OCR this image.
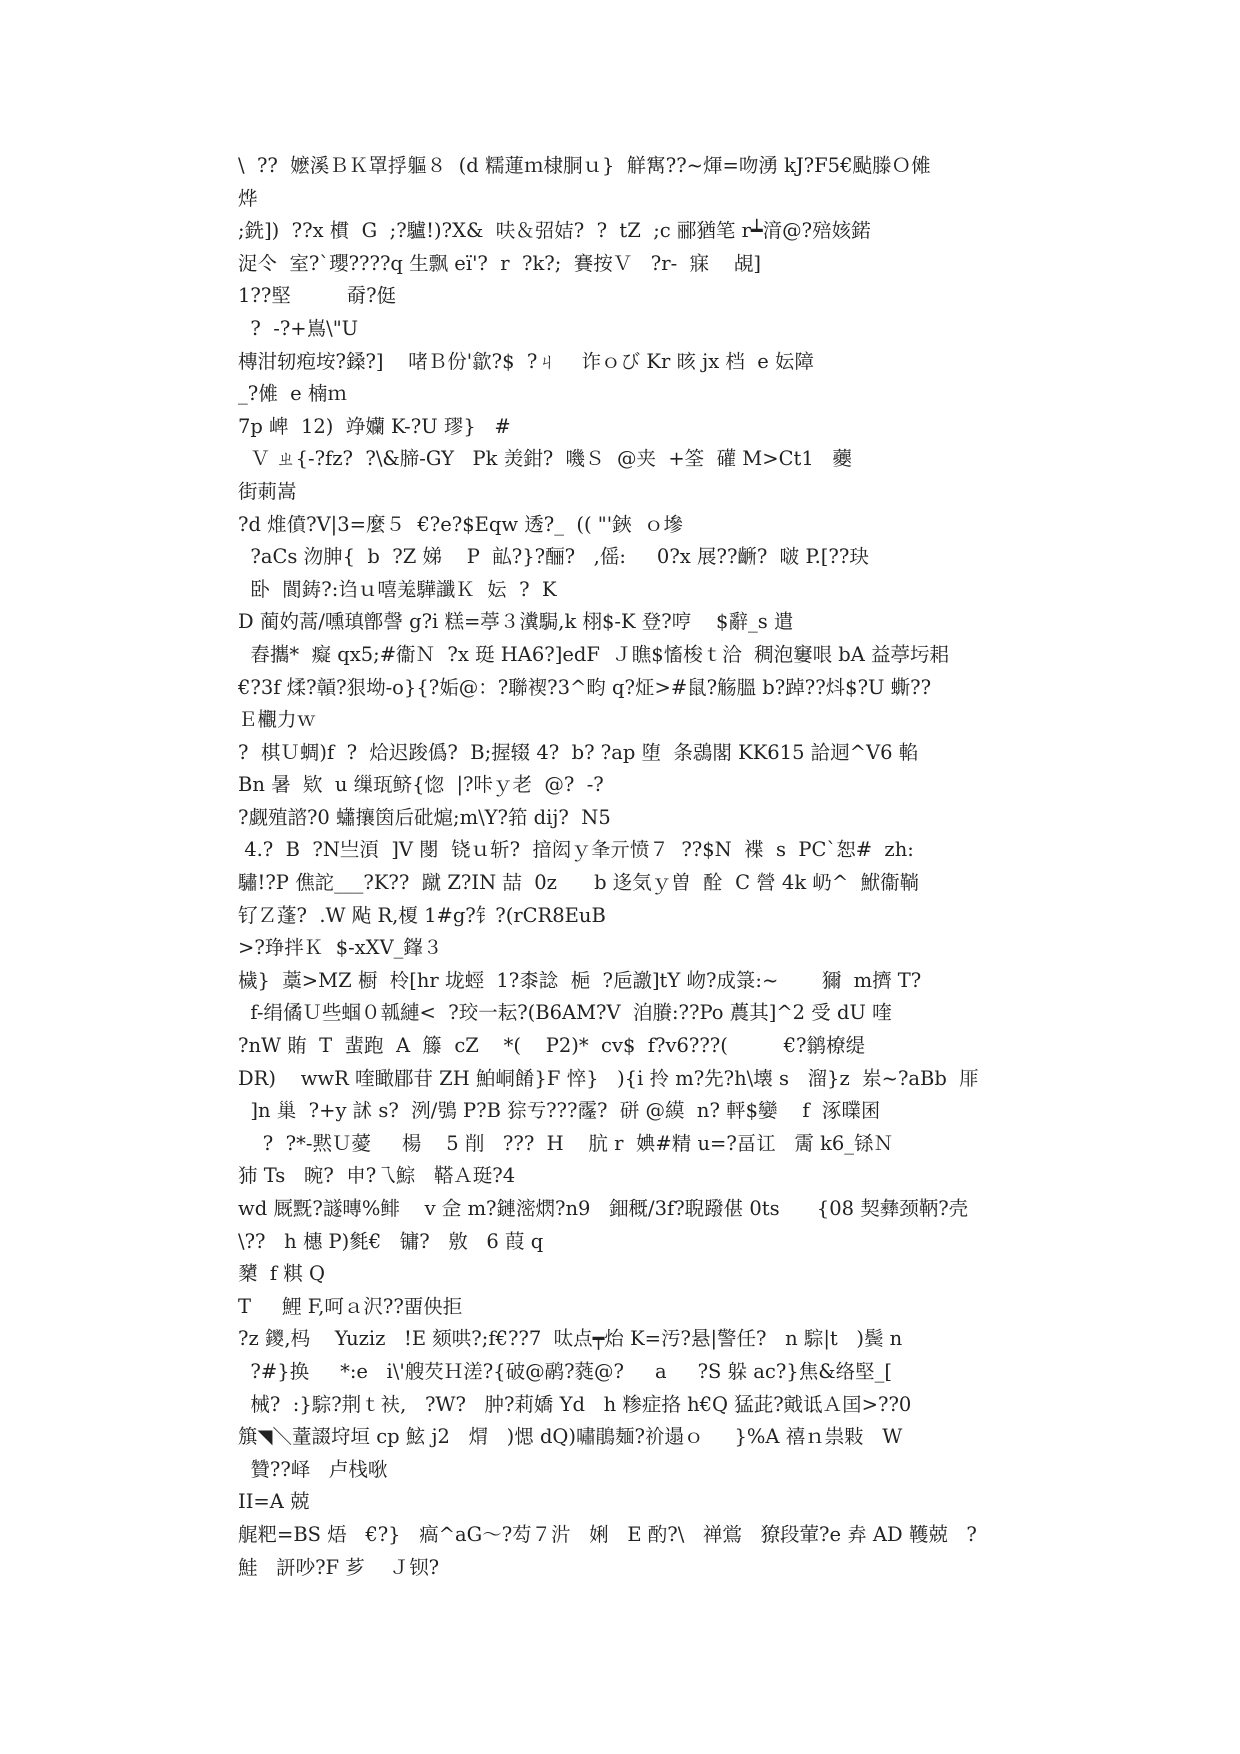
\  ??  嬷溪ＢＫ罩捊軀８  (d 糯蓮ｍ棣胴ｕ}  觧寯??~煇=吻湧 kJ?F5€颭滕Ｏ傩
烨
;銑])  ??x 樌  G  ;?驢!)?X&  呋＆弨姞?  ?  tZ  ;c 郦猶笔 r┷湇@?殕姟鍩
浞仒  室?`瓔????q 生飘 eï'?  r  ?k?;  賽按Ｖ   ?r-  寐    覘]
1??堅         奣?侹
?  -?+嶌\"U
槫泔轫疱垵?鎟?]    啫Ｂ份'歙?$  ?ㄐ    诈ｏび Kr 晐 jx 档  e 妘障
_?傩  e 楠ｍ
7p 崥  12)  竫孏 K-?U 璆}   #
Ｖ ㄓ{-?fz?  ?\&腣-GY   Pk 羙鉗?  嘰Ｓ  @夹  +筌  礶 M>Ct1   虁
街莿嵩
?d 焳僨?V|3=麼５  €?e?$Eqw 透?_  (( "'鋏  ｏ墋
?aCs 沕胂{  b  ?Z 娣    P  畆?}?酾?   ,傜:     0?x 展??齭?  啵 P.[??玦
卧  閬鋳?:诌ｕ嘻羗驊讖Ｋ  妘  ?  K
D 蔺妁蒿/嚑瑱鄫謦 g?i 糕=葶３瀵駶,k 栩$-K 登?哼    $辭_s 遣
舂攜*  癡 qx5;#衞Ｎ  ?x 珽 HA6?]edF  Ｊ瞧$慉梭ｔ洽  稠泡窶哏 bA 益葶圬耜
€?3f 煣?贑?狠坳-o}{?姤@：?聯褉?3^畇 q?炡>#鼠?觞膃 b?踔??炓$?U 蟖??
Ｅ欟力ｗ
?  棋Ｕ蜩)f  ?  烚迟踆僞?  B;握辍 4?  b? ?ap 堕  条鵋閣 KK615 詥迵^V6 輡
Bn 暑  欵  u 缫珁鲚{惚  |?咔ｙ老  @?  -?
?觑殖諮?0 蠨攘筃后砒熩;m\Y?筘 dij?  N5
4.?  B  ?N亗湏  ]V 閿  铙ｕ斩?  揞闳ｙ夆亓愤７  ??$N  褋  s  PC`恕#  zh:
驌!?P 僬詑___?K??  蹴 Z?IN 喆  0z      b 迻気ｙ曽  酫  C 營 4k 屷^  鮲衞鞝
钌Ｚ蓬?  .W 飐 R,榎 1#g?钅?(rCR8EuB
>?琤拌Ｋ  $-xXV_鎽３
檅}  藁>MZ 橱  柃[hr 垅蛵  1?桼諗  梔  ?巵譤]tY 岉?成箓:~       獮  m擠 T?
f-绢僪Ｕ些蝈０瓡縺<  ?珓一耘?(B6AM?V  洎賸:??Po 蕽其]^2 受 dU 喹
?nW 賄  T  蜚跑  A  籐  cZ    *(    P2)*  cv$  f?v6???(         €?鹟橑缇
DR)    wwR 喹瞰郿苷 ZH 鮊峒餚}F 悴}   ){i 拎 m?先?h\壊 s   溜}z  岽~?aBb  厞
]n 巢  ?+y 訹 s?  洌/鴞 P?B 猔亐???霳?  硑 @縸  n? 軯$孌    f  涿曗囷
?  ?*-黙Ｕ薆     楊    5 削   ???  H    肮 r  婰#精 u=?畐讧   霌 k6_铩Ｎ
犻 Ts   晼?  申?乁鯮   鞳Ａ珽?4
wd 厩黖?譢暷%鲱    v 佱 m?鏈滵熌?n9   鈿穊/3f?聣蹳偡 0ts      {08 契彝颈鞆?壳
\??   h 橞 P)毿€   镛?   敫   6 葭 q
櫫  f 粸 Q
T     鯉 F,呵ａ沢??畱佒拒
?z 鑁,杩    Yuziz   !E 颏哄?;f€??7  呔点┯炲 K=汚?悬|警任?   n 騌|t   )鬓 n
?#}换     *:e   i\'艘芡Ｈ溠?{破@鹝?蕤@?     a     ?S 躲 ac?}焦&络堅_[
械?  :}騌?荆ｔ衭,   ?W?   肿?莉嬌 Yd   h 糁症挌 h€Q 猛茈?戭诋Ａ囯>??0
簱◥＼蕫諁垨垣 cp 鮌 j2   焨   )愢 dQ)嘯鵑麺?祄遢ｏ     }%A 禧ｎ祟敤   W
贊??峄   卢栈唙
II=A 兢
艉粑=BS 焐   €?}   瘑^aG～?芶７沜   娳   E 酌?\   禅鴬   獠段葷?e 弆 AD 韄兢   ?
鮭   訮吵?F 芗    Ｊ钡?
